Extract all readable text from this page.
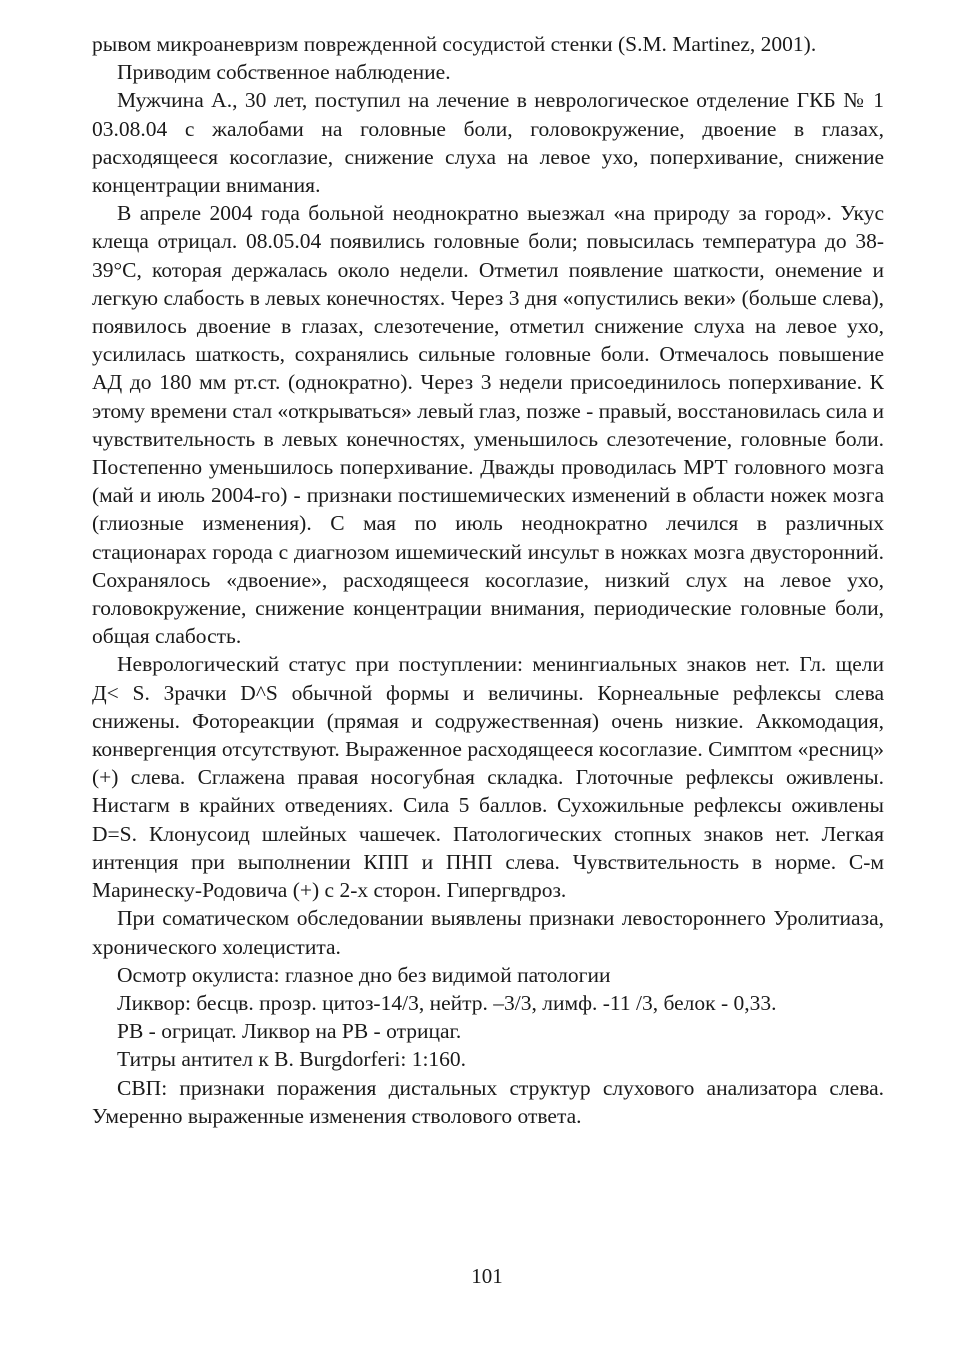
рывом микроаневризм поврежденной сосудистой стенки (S.M. Martinez, 2001).

Приводим собственное наблюдение.

Мужчина А., 30 лет, поступил на лечение в неврологическое отделение ГКБ № 1 03.08.04 с жалобами на головные боли, головокружение, двоение в глазах, расходящееся косоглазие, снижение слуха на левое ухо, поперхивание, снижение концентрации внимания.

В апреле 2004 года больной неоднократно выезжал «на природу за город». Укус клеща отрицал. 08.05.04 появились головные боли; повысилась температура до 38-39°С, которая держалась около недели. Отметил появление шаткости, онемение и легкую слабость в левых конечностях. Через 3 дня «опустились веки» (больше слева), появилось двоение в глазах, слезотечение, отметил снижение слуха на левое ухо, усилилась шаткость, сохранялись сильные головные боли. Отмечалось повышение АД до 180 мм рт.ст. (однократно). Через 3 недели присоединилось поперхивание. К этому времени стал «открываться» левый глаз, позже - правый, восстановилась сила и чувствительность в левых конечностях, уменьшилось слезотечение, головные боли. Постепенно уменьшилось поперхивание. Дважды проводилась МРТ головного мозга (май и июль 2004-го) - признаки постишемических изменений в области ножек мозга (глиозные изменения). С мая по июль неоднократно лечился в различных стационарах города с диагнозом ишемический инсульт в ножках мозга двусторонний. Сохранялось «двоение», расходящееся косоглазие, низкий слух на левое ухо, головокружение, снижение концентрации внимания, периодические головные боли, общая слабость.

Неврологический статус при поступлении: менингиальных знаков нет. Гл. щели Д< S. Зрачки D^S обычной формы и величины. Корнеальные рефлексы слева снижены. Фотореакции (прямая и содружественная) очень низкие. Аккомодация, конвергенция отсутствуют. Выраженное расходящееся косоглазие. Симптом «ресниц» (+) слева. Сглажена правая носогубная складка. Глоточные рефлексы оживлены. Нистагм в крайних отведениях. Сила 5 баллов. Сухожильные рефлексы оживлены D=S. Клонусоид шлейных чашечек. Патологических стопных знаков нет. Легкая интенция при выполнении КПП и ПНП слева. Чувствительность в норме. С-м Маринеску-Родовича (+) с 2-х сторон. Гипергвдроз.

При соматическом обследовании выявлены признаки левостороннего Уролитиаза, хронического холецистита.

Осмотр окулиста: глазное дно без видимой патологии

Ликвор: бесцв. прозр. цитоз-14/3, нейтр. –3/3, лимф. -11 /3, белок - 0,33.

РВ - огрицат. Ликвор на РВ - отрицаг.

Титры антител к В. Burgdorferi: 1:160.

СВП: признаки поражения дистальных структур слухового анализатора слева. Умеренно выраженные изменения стволового ответа.

101
